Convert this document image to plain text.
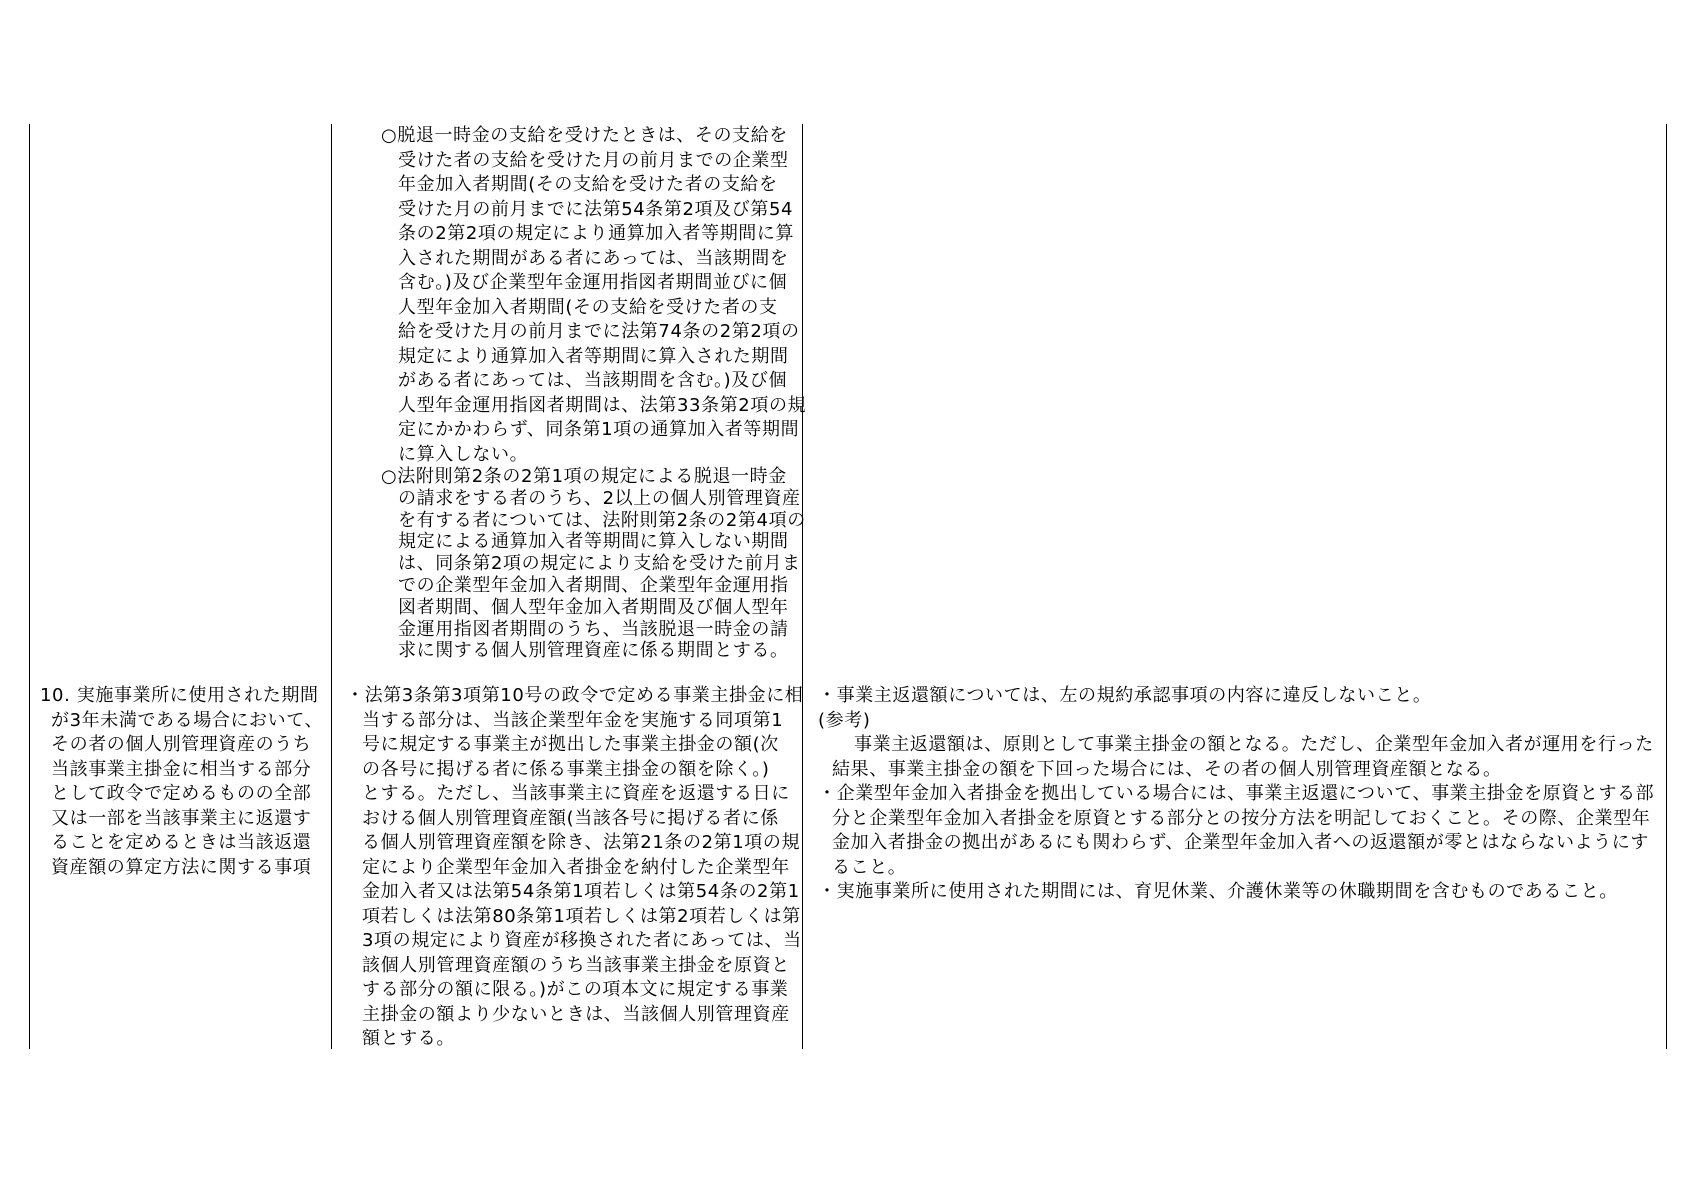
10. 実施事業所に使用された期間
が3年未満である場合において、
その者の個人別管理資産のうち
当該事業主掛金に相当する部分
として政令で定めるものの全部
又は一部を当該事業主に返還す
ることを定めるときは当該返還
資産額の算定方法に関する事項
○脱退一時金の支給を受けたときは、その支給を
受けた者の支給を受けた月の前月までの企業型
年金加入者期間(その支給を受けた者の支給を
受けた月の前月までに法第54条第2項及び第54
条の2第2項の規定により通算加入者等期間に算
入された期間がある者にあっては、当該期間を
含む。)及び企業型年金運用指図者期間並びに個
人型年金加入者期間(その支給を受けた者の支
給を受けた月の前月までに法第74条の2第2項の
規定により通算加入者等期間に算入された期間
がある者にあっては、当該期間を含む。)及び個
人型年金運用指図者期間は、法第33条第2項の規
定にかかわらず、同条第1項の通算加入者等期間
に算入しない。
○法附則第2条の2第1項の規定による脱退一時金
の請求をする者のうち、2以上の個人別管理資産
を有する者については、法附則第2条の2第4項の
規定による通算加入者等期間に算入しない期間
は、同条第2項の規定により支給を受けた前月ま
での企業型年金加入者期間、企業型年金運用指
図者期間、個人型年金加入者期間及び個人型年
金運用指図者期間のうち、当該脱退一時金の請
求に関する個人別管理資産に係る期間とする。
・法第3条第3項第10号の政令で定める事業主掛金に相
当する部分は、当該企業型年金を実施する同項第1
号に規定する事業主が拠出した事業主掛金の額(次
の各号に掲げる者に係る事業主掛金の額を除く。)
とする。ただし、当該事業主に資産を返還する日に
おける個人別管理資産額(当該各号に掲げる者に係
る個人別管理資産額を除き、法第21条の2第1項の規
定により企業型年金加入者掛金を納付した企業型年
金加入者又は法第54条第1項若しくは第54条の2第1
項若しくは法第80条第1項若しくは第2項若しくは第
3項の規定により資産が移換された者にあっては、当
該個人別管理資産額のうち当該事業主掛金を原資と
する部分の額に限る。)がこの項本文に規定する事業
主掛金の額より少ないときは、当該個人別管理資産
額とする。
・事業主返還額については、左の規約承認事項の内容に違反しないこと。
(参考)
事業主返還額は、原則として事業主掛金の額となる。ただし、企業型年金加入者が運用を行った
結果、事業主掛金の額を下回った場合には、その者の個人別管理資産額となる。
・企業型年金加入者掛金を拠出している場合には、事業主返還について、事業主掛金を原資とする部
分と企業型年金加入者掛金を原資とする部分との按分方法を明記しておくこと。その際、企業型年
金加入者掛金の拠出があるにも関わらず、企業型年金加入者への返還額が零とはならないようにす
ること。
・実施事業所に使用された期間には、育児休業、介護休業等の休職期間を含むものであること。
